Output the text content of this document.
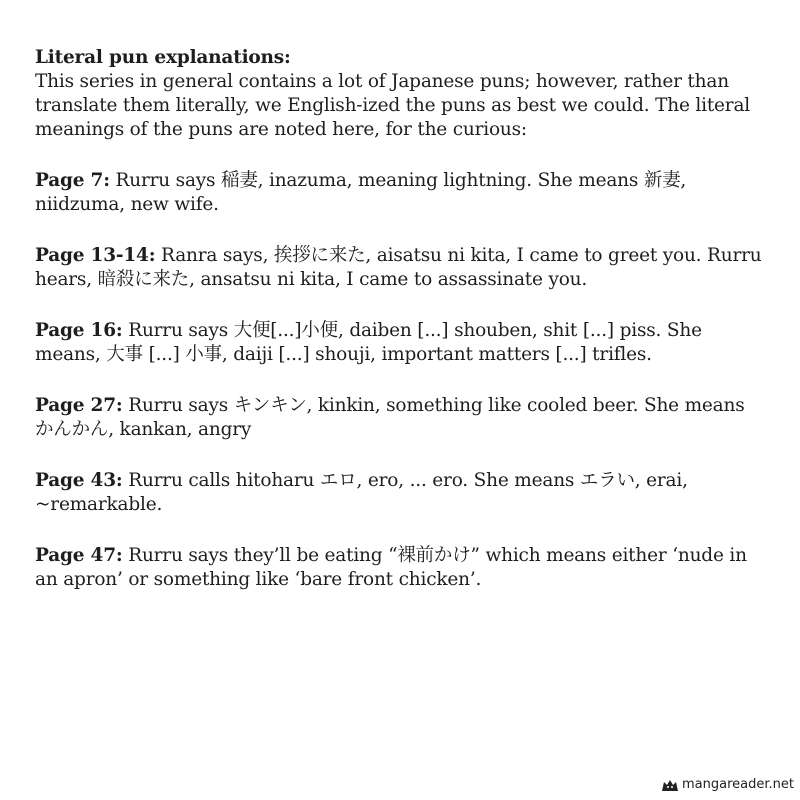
Literal pun explanations:

This series in general contains a lot of Japanese puns; however, rather than translate them literally, we English-ized the puns as best we could. The literal meanings of the puns are noted here, for the curious:

Page 7: Rurru says 稲妻, inazuma, meaning lightning. She means 新妻, niidzuma, new wife.

Page 13-14: Ranra says, 挨拶に来た, aisatsu ni kita, I came to greet you. Rurru hears, 暗殺に来た, ansatsu ni kita, I came to assassinate you.

Page 16: Rurru says 大便[...]小便, daiben [...] shouben, shit [...] piss. She means, 大事 [...] 小事, daiji [...] shouji, important matters [...] trifles.

Page 27: Rurru says キンキン, kinkin, something like cooled beer. She means かんかん, kankan, angry

Page 43: Rurru calls hitoharu エロ, ero, ... ero. She means エラい, erai, ~remarkable.

Page 47: Rurru says they’ll be eating “裸前かけ” which means either ‘nude in an apron’ or something like ‘bare front chicken’.

mangareader.net
